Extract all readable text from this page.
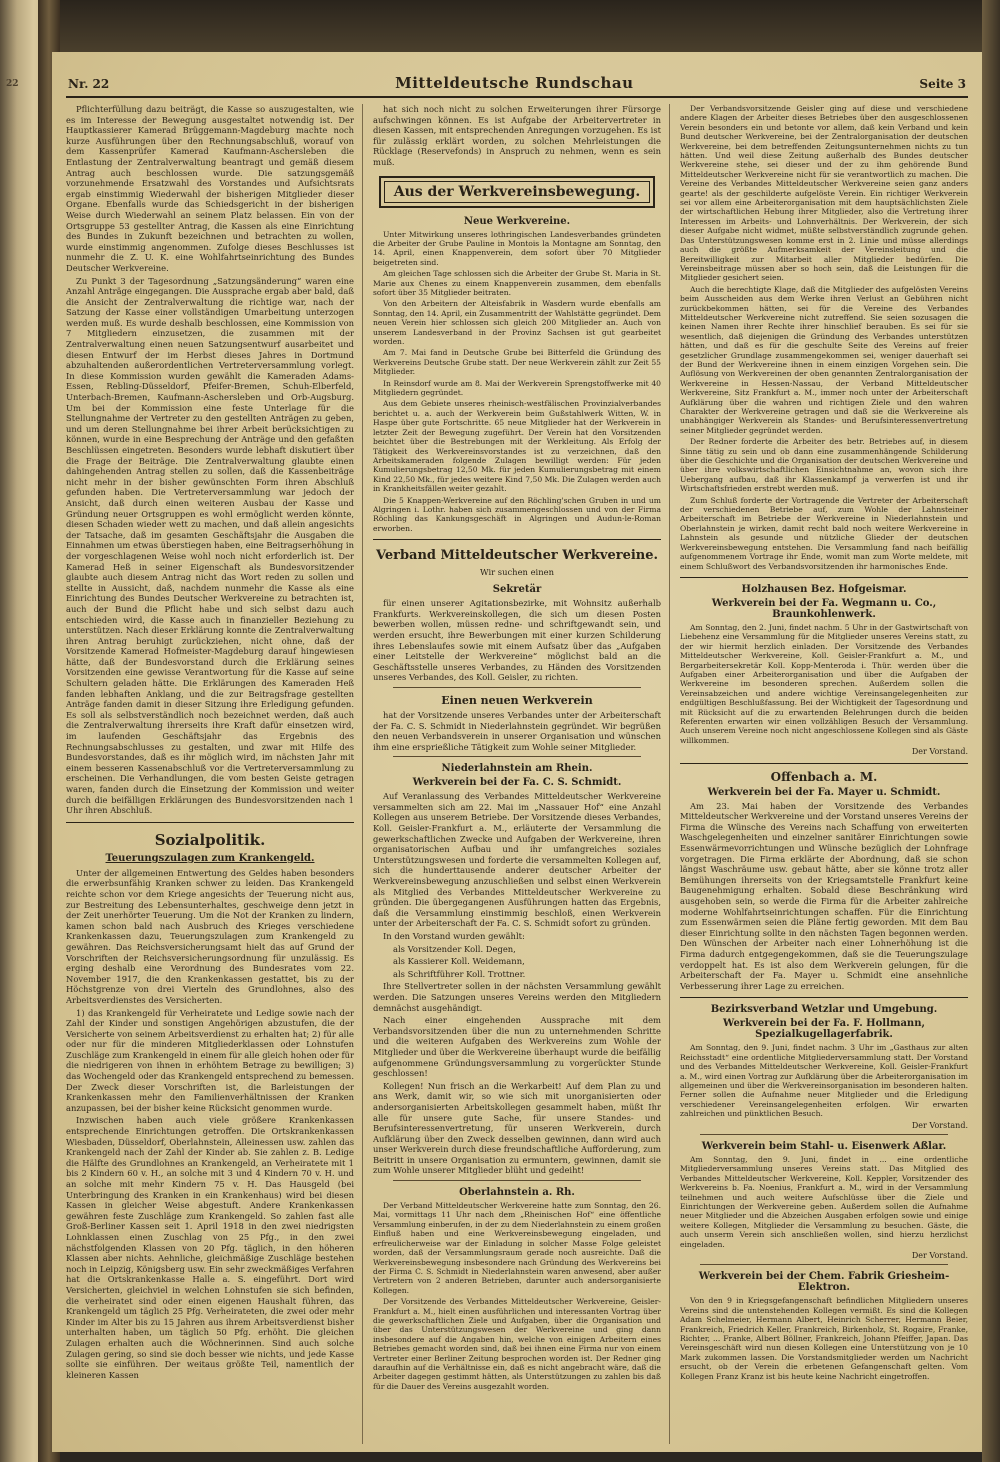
22	Nr. 22	Mitteldeutsche Rundschau	Seite 3

Pflichterfüllung dazu beiträgt, die Kasse so auszugestalten, wie es im Interesse der Bewegung ausgestaltet notwendig ist. Der Hauptkassierer Kamerad Brüggemann-Magdeburg machte noch kurze Ausführungen über den Rechnungsabschluß, worauf von dem Kassenprüfer Kamerad Kaufmann-Aschersleben die Entlastung der Zentralverwaltung beantragt und gemäß diesem Antrag auch beschlossen wurde. Die satzungsgemäß vorzunehmende Ersatzwahl des Vorstandes und Aufsichtsrats ergab einstimmig Wiederwahl der bisherigen Mitglieder dieser Organe. Ebenfalls wurde das Schiedsgericht in der bisherigen Weise durch Wiederwahl an seinem Platz belassen. Ein von der Ortsgruppe 53 gestellter Antrag, die Kassen als eine Einrichtung des Bundes in Zukunft bezeichnen und betrachten zu wollen, wurde einstimmig angenommen. Zufolge dieses Beschlusses ist nunmehr die Z. U. K. eine Wohlfahrtseinrichtung des Bundes Deutscher Werkvereine.

Zu Punkt 3 der Tagesordnung „Satzungsänderung“ waren eine Anzahl Anträge eingegangen. Die Aussprache ergab aber bald, daß die Ansicht der Zentralverwaltung die richtige war, nach der Satzung der Kasse einer vollständigen Umarbeitung unterzogen werden muß. Es wurde deshalb beschlossen, eine Kommission von 7 Mitgliedern einzusetzen, die zusammen mit der Zentralverwaltung einen neuen Satzungsentwurf ausarbeitet und diesen Entwurf der im Herbst dieses Jahres in Dortmund abzuhaltenden außerordentlichen Vertreterversammlung vorlegt. In diese Kommission wurden gewählt die Kameraden Adams-Essen, Rebling-Düsseldorf, Pfeifer-Bremen, Schuh-Elberfeld, Unterbach-Bremen, Kaufmann-Aschersleben und Orb-Augsburg. Um bei der Kommission eine feste Unterlage für die Stellungnahme der Vertreter zu den gestellten Anträgen zu geben, und um deren Stellungnahme bei ihrer Arbeit berücksichtigen zu können, wurde in eine Besprechung der Anträge und den gefaßten Beschlüssen eingetreten. Besonders wurde lebhaft diskutiert über die Frage der Beiträge. Die Zentralverwaltung glaubte einen dahingehenden Antrag stellen zu sollen, daß die Kassenbeiträge nicht mehr in der bisher gewünschten Form ihren Abschluß gefunden haben. Die Vertreterversammlung war jedoch der Ansicht, daß durch einen weiteren Ausbau der Kasse und Gründung neuer Ortsgruppen es wohl ermöglicht werden könnte, diesen Schaden wieder wett zu machen, und daß allein angesichts der Tatsache, daß im gesamten Geschäftsjahr die Ausgaben die Einnahmen um etwas überstiegen haben, eine Beitragserhöhung in der vorgeschlagenen Weise wohl noch nicht erforderlich ist. Der Kamerad Heß in seiner Eigenschaft als Bundesvorsitzender glaubte auch diesem Antrag nicht das Wort reden zu sollen und stellte in Aussicht, daß, nachdem nunmehr die Kasse als eine Einrichtung des Bundes Deutscher Werkvereine zu betrachten ist, auch der Bund die Pflicht habe und sich selbst dazu auch entschieden wird, die Kasse auch in finanzieller Beziehung zu unterstützen. Nach dieser Erklärung konnte die Zentralverwaltung ihren Antrag beruhigt zurückziehen, nicht ohne, daß der Vorsitzende Kamerad Hofmeister-Magdeburg darauf hingewiesen hätte, daß der Bundesvorstand durch die Erklärung seines Vorsitzenden eine gewisse Verantwortung für die Kasse auf seine Schultern geladen hätte. Die Erklärungen des Kameraden Heß fanden lebhaften Anklang, und die zur Beitragsfrage gestellten Anträge fanden damit in dieser Sitzung ihre Erledigung gefunden. Es soll als selbstverständlich noch bezeichnet werden, daß auch die Zentralverwaltung ihrerseits ihre Kraft dafür einsetzen wird, im laufenden Geschäftsjahr das Ergebnis des Rechnungsabschlusses zu gestalten, und zwar mit Hilfe des Bundesvorstandes, daß es ihr möglich wird, im nächsten Jahr mit einem besseren Kassenabschluß vor die Vertreterversammlung zu erscheinen. Die Verhandlungen, die vom besten Geiste getragen waren, fanden durch die Einsetzung der Kommission und weiter durch die beifälligen Erklärungen des Bundesvorsitzenden nach 1 Uhr ihren Abschluß.

Sozialpolitik.
Teuerungszulagen zum Krankengeld.

Unter der allgemeinen Entwertung des Geldes haben besonders die erwerbsunfähig Kranken schwer zu leiden. Das Krankengeld reichte schon vor dem Kriege angesichts der Teuerung nicht aus, zur Bestreitung des Lebensunterhaltes, geschweige denn jetzt in der Zeit unerhörter Teuerung. Um die Not der Kranken zu lindern, kamen schon bald nach Ausbruch des Krieges verschiedene Krankenkassen dazu, Teuerungszulagen zum Krankengeld zu gewähren. Das Reichsversicherungsamt hielt das auf Grund der Vorschriften der Reichsversicherungsordnung für unzulässig. Es erging deshalb eine Verordnung des Bundesrates vom 22. November 1917, die den Krankenkassen gestattet, bis zu der Höchstgrenze von drei Vierteln des Grundlohnes, also des Arbeitsverdienstes des Versicherten.

1) das Krankengeld für Verheiratete und Ledige sowie nach der Zahl der Kinder und sonstigen Angehörigen abzustufen, die der Versicherte von seinem Arbeitsverdienst zu erhalten hat; 2) für alle oder nur für die minderen Mitgliederklassen oder Lohnstufen Zuschläge zum Krankengeld in einem für alle gleich hohen oder für die niedrigeren von ihnen in erhöhtem Betrage zu bewilligen; 3) das Wochengeld oder das Krankengeld entsprechend zu bemessen. Der Zweck dieser Vorschriften ist, die Barleistungen der Krankenkassen mehr den Familienverhältnissen der Kranken anzupassen, bei der bisher keine Rücksicht genommen wurde.

Inzwischen haben auch viele größere Krankenkassen entsprechende Einrichtungen getroffen. Die Ortskrankenkassen Wiesbaden, Düsseldorf, Oberlahnstein, Alleinessen usw. zahlen das Krankengeld nach der Zahl der Kinder ab. Sie zahlen z. B. Ledige die Hälfte des Grundlohnes an Krankengeld, an Verheiratete mit 1 bis 2 Kindern 60 v. H., an solche mit 3 und 4 Kindern 70 v. H. und an solche mit mehr Kindern 75 v. H. Das Hausgeld (bei Unterbringung des Kranken in ein Krankenhaus) wird bei diesen Kassen in gleicher Weise abgestuft. Andere Krankenkassen gewähren feste Zuschläge zum Krankengeld. So zahlen fast alle Groß-Berliner Kassen seit 1. April 1918 in den zwei niedrigsten Lohnklassen einen Zuschlag von 25 Pfg., in den zwei nächstfolgenden Klassen von 20 Pfg. täglich, in den höheren Klassen aber nichts. Aehnliche, gleichmäßige Zuschläge bestehen noch in Leipzig, Königsberg usw. Ein sehr zweckmäßiges Verfahren hat die Ortskrankenkasse Halle a. S. eingeführt. Dort wird Versicherten, gleichviel in welchen Lohnstufen sie sich befinden, die verheiratet sind oder einen eigenen Haushalt führen, das Krankengeld um täglich 25 Pfg. Verheirateten, die zwei oder mehr Kinder im Alter bis zu 15 Jahren aus ihrem Arbeitsverdienst bisher unterhalten haben, um täglich 50 Pfg. erhöht. Die gleichen Zulagen erhalten auch die Wöchnerinnen. Sind auch solche Zulagen gering, so sind sie doch besser wie nichts, und jede Kasse sollte sie einführen. Der weitaus größte Teil, namentlich der kleineren Kassen

hat sich noch nicht zu solchen Erweiterungen ihrer Fürsorge aufschwingen können. Es ist Aufgabe der Arbeitervertreter in diesen Kassen, mit entsprechenden Anregungen vorzugehen. Es ist für zulässig erklärt worden, zu solchen Mehrleistungen die Rücklage (Reservefonds) in Anspruch zu nehmen, wenn es sein muß.

Aus der Werkvereinsbewegung.
Neue Werkvereine.

Unter Mitwirkung unseres lothringischen Landesverbandes gründeten die Arbeiter der Grube Pauline in Montois la Montagne am Sonntag, den 14. April, einen Knappenverein, dem sofort über 70 Mitglieder beigetreten sind.

Am gleichen Tage schlossen sich die Arbeiter der Grube St. Maria in St. Marie aux Chenes zu einem Knappenverein zusammen, dem ebenfalls sofort über 35 Mitglieder beitraten.

Von den Arbeitern der Alteisfabrik in Wasdern wurde ebenfalls am Sonntag, den 14. April, ein Zusammentritt der Wahlstätte gegründet. Dem neuen Verein hier schlossen sich gleich 200 Mitglieder an. Auch von unserem Landesverband in der Provinz Sachsen ist gut gearbeitet worden.

Am 7. Mai fand in Deutsche Grube bei Bitterfeld die Gründung des Werkvereins Deutsche Grube statt. Der neue Werkverein zählt zur Zeit 55 Mitglieder.

In Reinsdorf wurde am 8. Mai der Werkverein Sprengstoffwerke mit 40 Mitgliedern gegründet.

Aus dem Gebiete unseres rheinisch-westfälischen Provinzialverbandes berichtet u. a. auch der Werkverein beim Gußstahlwerk Witten, W. in Haspe über gute Fortschritte. 65 neue Mitglieder hat der Werkverein in letzter Zeit der Bewegung zugeführt. Der Verein hat den Vorsitzenden beichtet über die Bestrebungen mit der Werkleitung. Als Erfolg der Tätigkeit des Werkvereinsvorstandes ist zu verzeichnen, daß den Arbeitskameraden folgende Zulagen bewilligt werden: Für jeden Kumulierungsbetrag 12,50 Mk. für jeden Kumulierungsbetrag mit einem Kind 22,50 Mk., für jedes weitere Kind 7,50 Mk. Die Zulagen werden auch in Krankheitsfällen weiter gezahlt.

Die 5 Knappen-Werkvereine auf den Röchling'schen Gruben in und um Algringen i. Lothr. haben sich zusammengeschlossen und von der Firma Röchling das Kankungsgeschäft in Algringen und Audun-le-Roman erworben.

Verband Mitteldeutscher Werkvereine.
Wir suchen einen
Sekretär

für einen unserer Agitationsbezirke, mit Wohnsitz außerhalb Frankfurts. Werkvereinskollegen, die sich um diesen Posten bewerben wollen, müssen redne- und schriftgewandt sein, und werden ersucht, ihre Bewerbungen mit einer kurzen Schilderung ihres Lebenslaufes sowie mit einem Aufsatz über das „Aufgaben einer Leitstelle der Werkvereine“ möglichst bald an die Geschäftsstelle unseres Verbandes, zu Händen des Vorsitzenden unseres Verbandes, des Koll. Geisler, zu richten.

Einen neuen Werkverein

hat der Vorsitzende unseres Verbandes unter der Arbeiterschaft der Fa. C. S. Schmidt in Niederlahnstein gegründet. Wir begrüßen den neuen Verbandsverein in unserer Organisation und wünschen ihm eine ersprießliche Tätigkeit zum Wohle seiner Mitglieder.

Niederlahnstein am Rhein.
Werkverein bei der Fa. C. S. Schmidt.

Auf Veranlassung des Verbandes Mitteldeutscher Werkvereine versammelten sich am 22. Mai im „Nassauer Hof“ eine Anzahl Kollegen aus unserem Betriebe. Der Vorsitzende dieses Verbandes, Koll. Geisler-Frankfurt a. M., erläuterte der Versammlung die gewerkschaftlichen Zwecke und Aufgaben der Werkvereine, ihren organisatorischen Aufbau und ihr umfangreiches soziales Unterstützungswesen und forderte die versammelten Kollegen auf, sich die hunderttausende anderer deutscher Arbeiter der Werkvereinsbewegung anzuschließen und selbst einen Werkverein als Mitglied des Verbandes Mitteldeutscher Werkvereine zu gründen. Die übergegangenen Ausführungen hatten das Ergebnis, daß die Versammlung einstimmig beschloß, einen Werkverein unter der Arbeiterschaft der Fa. C. S. Schmidt sofort zu gründen.

In den Vorstand wurden gewählt:

als Vorsitzender Koll. Degen,

als Kassierer Koll. Weidemann,

als Schriftführer Koll. Trottner.

Ihre Stellvertreter sollen in der nächsten Versammlung gewählt werden. Die Satzungen unseres Vereins werden den Mitgliedern demnächst ausgehändigt.

Nach einer eingehenden Aussprache mit dem Verbandsvorsitzenden über die nun zu unternehmenden Schritte und die weiteren Aufgaben des Werkvereins zum Wohle der Mitglieder und über die Werkvereine überhaupt wurde die beifällig aufgenommene Gründungsversammlung zu vorgerückter Stunde geschlossen!

Kollegen! Nun frisch an die Werkarbeit! Auf dem Plan zu und ans Werk, damit wir, so wie sich mit unorganisierten oder andersorganisierten Arbeitskollegen gesammelt haben, müßt Ihr alle für unsere gute Sache, für unsere Standes- und Berufsinteressenvertretung, für unseren Werkverein, durch Aufklärung über den Zweck desselben gewinnen, dann wird auch unser Werkverein durch diese freundschaftliche Aufforderung, zum Beitritt in unsere Organisation zu ermuntern, gewinnen, damit sie zum Wohle unserer Mitglieder blüht und gedeiht!

Oberlahnstein a. Rh.

Der Verband Mitteldeutscher Werkvereine hatte zum Sonntag, den 26. Mai, vormittags 11 Uhr nach dem „Rheinischen Hof“ eine öffentliche Versammlung einberufen, in der zu dem Niederlahnstein zu einem großen Einfluß haben und eine Werkvereinsbewegung eingeladen, und erfreulicherweise war der Einladung in solcher Masse Folge geleistet worden, daß der Versammlungsraum gerade noch ausreichte. Daß die Werkvereinsbewegung insbesondere nach Gründung des Werkvereins bei der Firma C. S. Schmidt in Niederlahnstein waren anwesend, aber außer Vertretern von 2 anderen Betrieben, darunter auch andersorganisierte Kollegen.

Der Vorsitzende des Verbandes Mitteldeutscher Werkvereine, Geisler-Frankfurt a. M., hielt einen ausführlichen und interessanten Vortrag über die gewerkschaftlichen Ziele und Aufgaben, über die Organisation und über das Unterstützungswesen der Werkvereine und ging dann insbesondere auf die Angaben hin, welche von einigen Arbeitern eines Betriebes gemacht worden sind, daß bei ihnen eine Firma nur von einem Vertreter einer Berliner Zeitung besprochen worden ist. Der Redner ging daraufhin auf die Verhältnisse ein, daß es nicht angebracht wäre, daß die Arbeiter dagegen gestimmt hätten, als Unterstützungen zu zahlen bis daß für die Dauer des Vereins ausgezahlt worden.

Der Verbandsvorsitzende Geisler ging auf diese und verschiedene andere Klagen der Arbeiter dieses Betriebes über den ausgeschlossenen Verein besonders ein und betonte vor allem, daß kein Verband und kein Bund deutscher Werkvereine, bei der Zentralorganisation der deutschen Werkvereine, bei dem betreffenden Zeitungsunternehmen nichts zu tun hätten. Und weil diese Zeitung außerhalb des Bundes deutscher Werkvereine stehe, sei dieser und der zu ihm gehörende Bund Mitteldeutscher Werkvereine nicht für sie verantwortlich zu machen. Die Vereine des Verbandes Mitteldeutscher Werkvereine seien ganz anders gearte! als der geschilderte aufgelöste Verein. Ein richtiger Werkverein sei vor allem eine Arbeiterorganisation mit dem hauptsächlichsten Ziele der wirtschaftlichen Hebung ihrer Mitglieder, also die Vertretung ihrer Interessen im Arbeits- und Lohnverhältnis. Der Werkverein, der sich dieser Aufgabe nicht widmet, müßte selbstverständlich zugrunde gehen. Das Unterstützungswesen komme erst in 2. Linie und müsse allerdings auch die größte Aufmerksamkeit der Vereinsleitung und die Bereitwilligkeit zur Mitarbeit aller Mitglieder bedürfen. Die Vereinsbeitrage müssen aber so hoch sein, daß die Leistungen für die Mitglieder gesichert seien.

Auch die berechtigte Klage, daß die Mitglieder des aufgelösten Vereins beim Ausscheiden aus dem Werke ihren Verlust an Gebühren nicht zurückbekommen hätten, sei für die Vereine des Verbandes Mitteldeutscher Werkvereine nicht zutreffend. Sie seien sozusagen die keinen Namen ihrer Rechte ihrer hinschlief berauben. Es sei für sie wesentlich, daß diejenigen die Gründung des Verbandes unterstützen hätten, und daß es für die geschulte Seite des Vereins auf freier gesetzlicher Grundlage zusammengekommen sei, weniger dauerhaft sei der Bund der Werkvereine ihnen in einem einzigen Vorgehen sein. Die Auflösung von Werkvereinen der oben genannten Zentralorganisation der Werkvereine in Hessen-Nassau, der Verband Mitteldeutscher Werkvereine, Sitz Frankfurt a. M., immer noch unter der Arbeiterschaft Aufklärung über die wahren und richtigen Ziele und den wahren Charakter der Werkvereine getragen und daß sie die Werkvereine als unabhängiger Werkverein als Standes- und Berufsinteressenvertretung seiner Mitglieder gegründet werden.

Der Redner forderte die Arbeiter des betr. Betriebes auf, in diesem Sinne tätig zu sein und ob dann eine zusammenhängende Schilderung über die Geschichte und die Organisation der deutschen Werkvereine und über ihre volkswirtschaftlichen Einsichtnahme an, wovon sich ihre Uebergang aufbau, daß ihr Klassenkampf ja verwerfen ist und ihr Wirtschaftsfrieden erstrebt werden muß.

Zum Schluß forderte der Vortragende die Vertreter der Arbeiterschaft der verschiedenen Betriebe auf, zum Wohle der Lahnsteiner Arbeiterschaft im Betriebe der Werkvereine in Niederlahnstein und Oberlahnstein je wirken, damit recht bald noch weitere Werkvereine in Lahnstein als gesunde und nützliche Glieder der deutschen Werkvereinsbewegung entstehen. Die Versammlung fand nach beifällig aufgenommenem Vortrage ihr Ende, womit man zum Worte meldete, mit einem Schlußwort des Verbandsvorsitzenden ihr harmonisches Ende.

Holzhausen Bez. Hofgeismar.
Werkverein bei der Fa. Wegmann u. Co., Braunkohlenwerk.

Am Sonntag, den 2. Juni, findet nachm. 5 Uhr in der Gastwirtschaft von Liebehenz eine Versammlung für die Mitglieder unseres Vereins statt, zu der wir hiermit herzlich einladen. Der Vorsitzende des Verbandes Mitteldeutscher Werkvereine, Koll. Geisler-Frankfurt a. M., und Bergarbeitersekretär Koll. Kopp-Menteroda i. Thür. werden über die Aufgaben einer Arbeiterorganisation und über die Aufgaben der Werkvereine im besonderen sprechen. Außerdem sollen die Vereinsabzeichen und andere wichtige Vereinsangelegenheiten zur endgültigen Beschlußfassung. Bei der Wichtigkeit der Tagesordnung und mit Rücksicht auf die zu erwartenden Belehrungen durch die beiden Referenten erwarten wir einen vollzähligen Besuch der Versammlung. Auch unserem Vereine noch nicht angeschlossene Kollegen sind als Gäste willkommen.

Der Vorstand.

Offenbach a. M.
Werkverein bei der Fa. Mayer u. Schmidt.

Am 23. Mai haben der Vorsitzende des Verbandes Mitteldeutscher Werkvereine und der Vorstand unseres Vereins der Firma die Wünsche des Vereins nach Schaffung von erweiterten Waschgelegenheiten und einzelner sanitärer Einrichtungen sowie Essenwärmevorrichtungen und Wünsche bezüglich der Lohnfrage vorgetragen. Die Firma erklärte der Abordnung, daß sie schon längst Waschräume usw. gebaut hätte, aber sie könne trotz aller Bemühungen ihrerseits von der Kriegsamtstelle Frankfurt keine Baugenehmigung erhalten. Sobald diese Beschränkung wird ausgehoben sein, so werde die Firma für die Arbeiter zahlreiche moderne Wohlfahrtseinrichtungen schaffen. Für die Einrichtung zum Essenwärmen seien die Pläne fertig geworden. Mit dem Bau dieser Einrichtung sollte in den nächsten Tagen begonnen werden. Den Wünschen der Arbeiter nach einer Lohnerhöhung ist die Firma dadurch entgegengekommen, daß sie die Teuerungszulage verdoppelt hat. Es ist also dem Werkverein gelungen, für die Arbeiterschaft der Fa. Mayer u. Schmidt eine ansehnliche Verbesserung ihrer Lage zu erreichen.

Bezirksverband Wetzlar und Umgebung.
Werkverein bei der Fa. F. Hollmann, Spezialkugellagerfabrik.

Am Sonntag, den 9. Juni, findet nachm. 3 Uhr im „Gasthaus zur alten Reichsstadt“ eine ordentliche Mitgliederversammlung statt. Der Vorstand und des Verbandes Mitteldeutscher Werkvereine, Koll. Geisler-Frankfurt a. M., wird einen Vortrag zur Aufklärung über die Arbeiterorganisation im allgemeinen und über die Werkvereinsorganisation im besonderen halten. Ferner sollen die Aufnahme neuer Mitglieder und die Erledigung verschiedener Vereinsangelegenheiten erfolgen. Wir erwarten zahlreichen und pünktlichen Besuch.

Der Vorstand.

Werkverein beim Stahl- u. Eisenwerk Aßlar.

Am Sonntag, den 9. Juni, findet in ... eine ordentliche Mitgliederversammlung unseres Vereins statt. Das Mitglied des Verbandes Mitteldeutscher Werkvereine, Koll. Keppler, Vorsitzender des Werkvereins b. Fa. Noenius, Frankfurt a. M., wird in der Versammlung teilnehmen und auch weitere Aufschlüsse über die Ziele und Einrichtungen der Werkvereine geben. Außerdem sollen die Aufnahme neuer Mitglieder und die Abzeichen Ausgaben erfolgen sowie und einige weitere Kollegen, Mitglieder die Versammlung zu besuchen. Gäste, die auch unserm Verein sich anschließen wollen, sind hierzu herzlichst eingeladen.

Der Vorstand.

Werkverein bei der Chem. Fabrik Griesheim-Elektron.

Von den 9 in Kriegsgefangenschaft befindlichen Mitgliedern unseres Vereins sind die untenstehenden Kollegen vermißt. Es sind die Kollegen Adam Schelmeier, Hermann Albert, Heinrich Scherrer, Hermann Beier, Frankreich, Friedrich Keller, Frankreich, Birkenholz, St. Rogaire, Franke, Richter, ... Franke, Albert Böllner, Frankreich, Johann Pfeiffer, Japan. Das Vereinsgeschäft wird nun diesen Kollegen eine Unterstützung von je 10 Mark zukommen lassen. Die Vorstandsmitglieder werden um Nachricht ersucht, ob der Verein die erbetenen Gefangenschaft gelten. Vom Kollegen Franz Kranz ist bis heute keine Nachricht eingetroffen.
